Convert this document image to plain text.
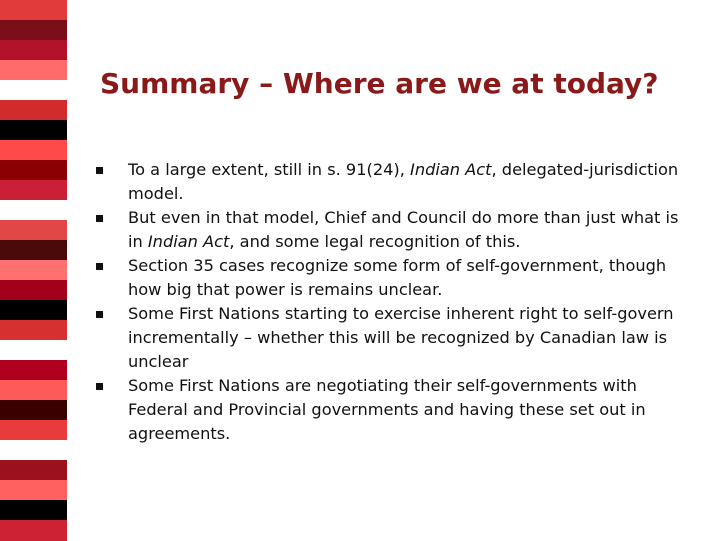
Summary – Where are we at today?
To a large extent, still in s. 91(24), Indian Act, delegated-jurisdiction model.
But even in that model, Chief and Council do more than just what is in Indian Act, and some legal recognition of this.
Section 35 cases recognize some form of self-government, though how big that power is remains unclear.
Some First Nations starting to exercise inherent right to self-govern incrementally – whether this will be recognized by Canadian law is unclear
Some First Nations are negotiating their self-governments with Federal and Provincial governments and having these set out in agreements.
